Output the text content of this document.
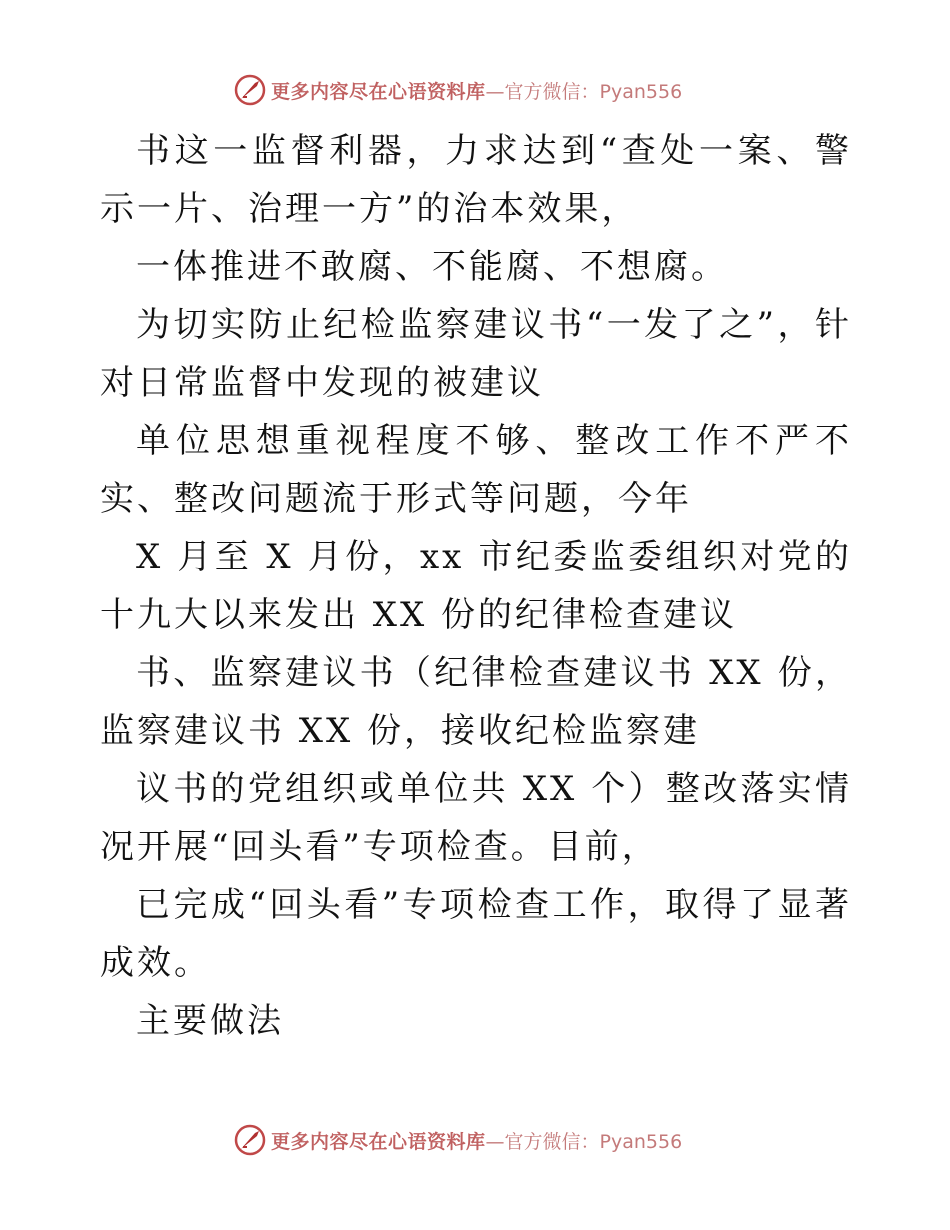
更多内容尽在心语资料库 —官方微信：Pyan556

书这一监督利器，力求达到“查处一案、警示一片、治理一方”的治本效果，

一体推进不敢腐、不能腐、不想腐。

为切实防止纪检监察建议书“一发了之”，针对日常监督中发现的被建议

单位思想重视程度不够、整改工作不严不实、整改问题流于形式等问题，今年

X 月至 X 月份，xx 市纪委监委组织对党的十九大以来发出 XX 份的纪律检查建议

书、监察建议书（纪律检查建议书 XX 份，监察建议书 XX 份，接收纪检监察建

议书的党组织或单位共 XX 个）整改落实情况开展“回头看”专项检查。目前，

已完成“回头看”专项检查工作，取得了显著成效。

主要做法

更多内容尽在心语资料库 —官方微信：Pyan556
